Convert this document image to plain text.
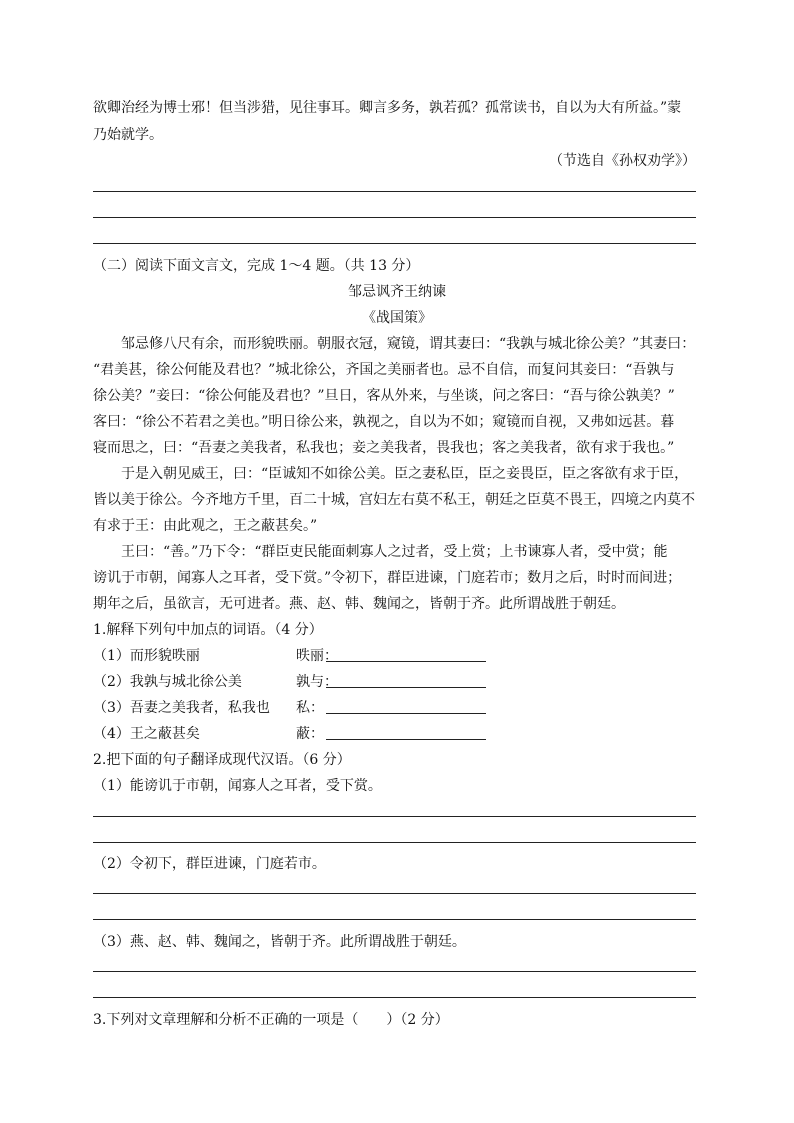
欲卿治经为博士邪！但当涉猎，见往事耳。卿言多务，孰若孤？孤常读书，自以为大有所益。”蒙
乃始就学。
（节选自《孙权劝学》）
（二）阅读下面文言文，完成 1～4 题。（共 13 分）
邹忌讽齐王纳谏
《战国策》
　　邹忌修八尺有余，而形貌昳丽。朝服衣冠，窥镜，谓其妻曰：“我孰与城北徐公美？”其妻曰：
“君美甚，徐公何能及君也？”城北徐公，齐国之美丽者也。忌不自信，而复问其妾曰：“吾孰与
徐公美？”妾曰：“徐公何能及君也？”旦日，客从外来，与坐谈，问之客曰：“吾与徐公孰美？”
客曰：“徐公不若君之美也。”明日徐公来，孰视之，自以为不如；窥镜而自视，又弗如远甚。暮
寝而思之，曰：“吾妻之美我者，私我也；妾之美我者，畏我也；客之美我者，欲有求于我也。”
　　于是入朝见威王，曰：“臣诚知不如徐公美。臣之妻私臣，臣之妾畏臣，臣之客欲有求于臣，
皆以美于徐公。今齐地方千里，百二十城，宫妇左右莫不私王，朝廷之臣莫不畏王，四境之内莫不
有求于王：由此观之，王之蔽甚矣。”
　　王曰：“善。”乃下令：“群臣吏民能面刺寡人之过者，受上赏；上书谏寡人者，受中赏；能
谤讥于市朝，闻寡人之耳者，受下赏。”令初下，群臣进谏，门庭若市；数月之后，时时而间进；
期年之后，虽欲言，无可进者。燕、赵、韩、魏闻之，皆朝于齐。此所谓战胜于朝廷。
1.解释下列句中加点的词语。（4 分）
（1）而形貌昳丽	昳丽：
（2）我孰与城北徐公美	孰与：
（3）吾妻之美我者，私我也 私：
（4）王之蔽甚矣	蔽：
2.把下面的句子翻译成现代汉语。（6 分）
（1）能谤讥于市朝，闻寡人之耳者，受下赏。
（2）令初下，群臣进谏，门庭若市。
（3）燕、赵、韩、魏闻之，皆朝于齐。此所谓战胜于朝廷。
3.下列对文章理解和分析不正确的一项是（　　）（2 分）
